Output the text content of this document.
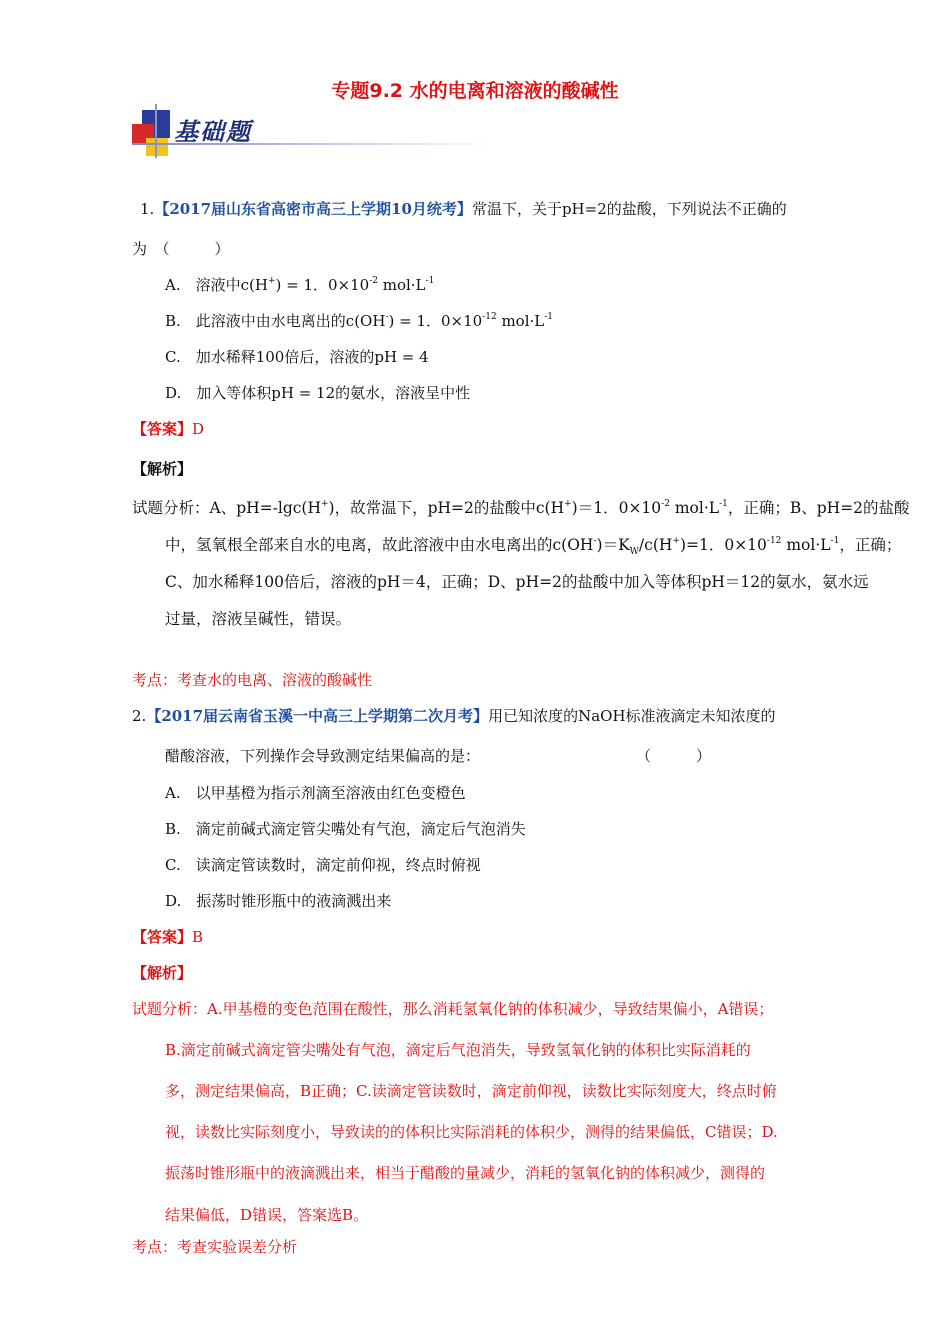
专题9.2 水的电离和溶液的酸碱性
基础题
1.【2017届山东省高密市高三上学期10月统考】常温下，关于pH=2的盐酸，下列说法不正确的
为　（　　　）
A.　溶液中c(H+) = 1．$0\times 10^{-2}$ $mol\cdot L^{-1}$
B.　此溶液中由水电离出的c(OH-) = 1．$0\times 10^{-12}$ $mol\cdot L^{-1}$
C.　加水稀释100倍后，溶液的pH = 4
D.　加入等体积pH = 12的氨水，溶液呈中性
【答案】D
【解析】
试题分析：A、pH=-lgc(H+)，故常温下，pH=2的盐酸中c(H+)＝1．$0\times 10^{-2}$ $mol\cdot L^{-1}$，正确；B、pH=2的盐酸
中，氢氧根全部来自水的电离，故此溶液中由水电离出的$c(OH^-)=K_W/c(H^+)=1$．$0\times 10^{-12}$ $mol\cdot L^{-1}$，正确；
C、加水稀释100倍后，溶液的pH＝4，正确；D、pH=2的盐酸中加入等体积pH＝12的氨水，氨水远
过量，溶液呈碱性，错误。
考点：考查水的电离、溶液的酸碱性
2.【2017届云南省玉溪一中高三上学期第二次月考】用已知浓度的NaOH标准液滴定未知浓度的
醋酸溶液，下列操作会导致测定结果偏高的是：	（　　　）
A.　以甲基橙为指示剂滴至溶液由红色变橙色
B.　滴定前碱式滴定管尖嘴处有气泡，滴定后气泡消失
C.　读滴定管读数时，滴定前仰视，终点时俯视
D.　振荡时锥形瓶中的液滴溅出来
【答案】B
【解析】
试题分析：A.甲基橙的变色范围在酸性，那么消耗氢氧化钠的体积减少，导致结果偏小，A错误；
B.滴定前碱式滴定管尖嘴处有气泡，滴定后气泡消失，导致氢氧化钠的体积比实际消耗的
多，测定结果偏高，B正确；C.读滴定管读数时，滴定前仰视，读数比实际刻度大，终点时俯
视，读数比实际刻度小，导致读的的体积比实际消耗的体积少，测得的结果偏低，C错误；D.
振荡时锥形瓶中的液滴溅出来，相当于醋酸的量减少，消耗的氢氧化钠的体积减少，测得的
结果偏低，D错误，答案选B。
考点：考查实验误差分析
